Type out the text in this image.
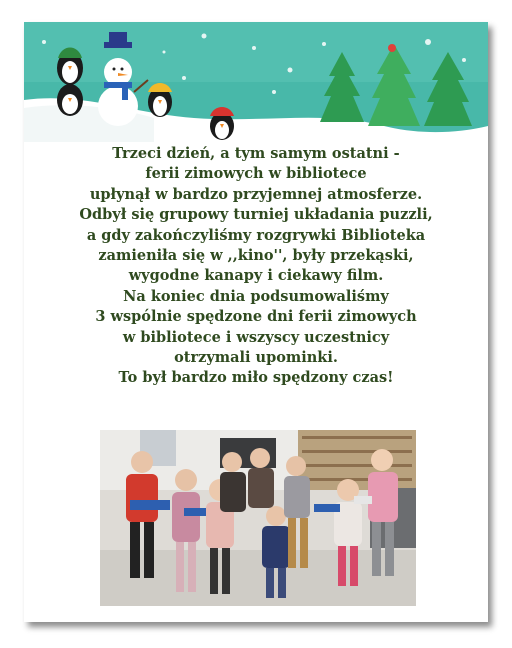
Trzeci dzień, a tym samym ostatni -
ferii zimowych w bibliotece
upłynął w bardzo przyjemnej atmosferze.
Odbył się grupowy turniej układania puzzli,
a gdy zakończyliśmy rozgrywki Biblioteka
zamieniła się w ,,kino'', były przekąski,
wygodne kanapy i ciekawy film.
Na koniec dnia podsumowaliśmy
3 wspólnie spędzone dni ferii zimowych
w bibliotece i wszyscy uczestnicy
otrzymali upominki.
To był bardzo miło spędzony czas!
